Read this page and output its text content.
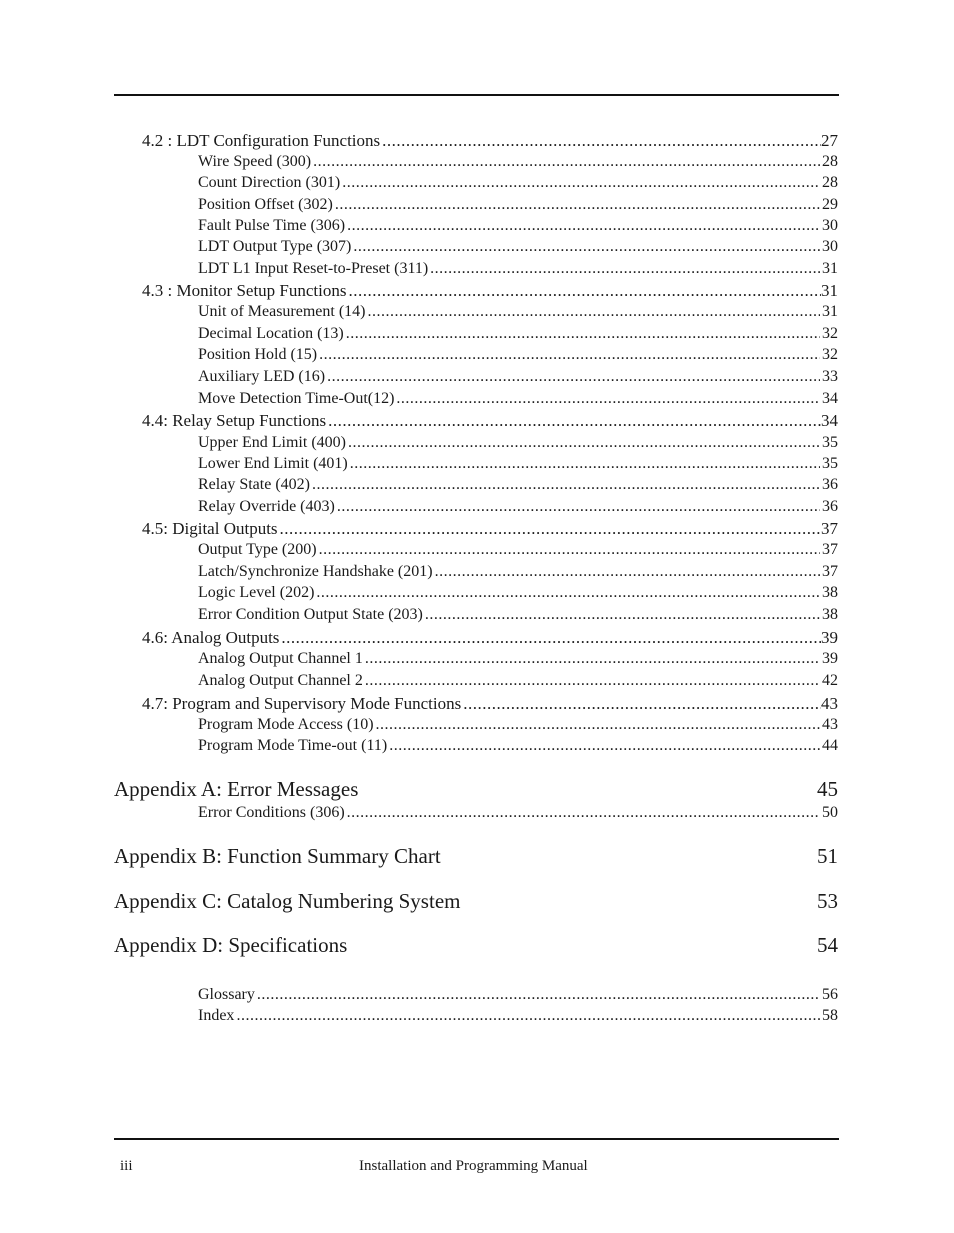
4.2 : LDT Configuration Functions .....	27
Wire Speed (300) .....	28
Count Direction (301) .....	28
Position Offset (302) .....	29
Fault Pulse Time (306) .....	30
LDT Output Type (307) .....	30
LDT L1 Input Reset-to-Preset (311) .....	31
4.3 : Monitor Setup Functions .....	31
Unit of Measurement (14) .....	31
Decimal Location (13) .....	32
Position Hold (15) .....	32
Auxiliary LED (16) .....	33
Move Detection Time-Out(12) .....	34
4.4: Relay Setup Functions .....	34
Upper End Limit (400) .....	35
Lower End Limit (401) .....	35
Relay State (402) .....	36
Relay Override (403) .....	36
4.5: Digital Outputs .....	37
Output Type (200) .....	37
Latch/Synchronize Handshake (201) .....	37
Logic Level (202) .....	38
Error Condition Output State (203) .....	38
4.6: Analog Outputs .....	39
Analog Output Channel 1 .....	39
Analog Output Channel 2 .....	42
4.7: Program and Supervisory Mode Functions .....	43
Program Mode Access (10) .....	43
Program Mode Time-out (11) .....	44
Appendix A: Error Messages	45
Error Conditions (306) .....	50
Appendix B: Function Summary Chart	51
Appendix C: Catalog Numbering System	53
Appendix D: Specifications	54
Glossary .....	56
Index .....	58
iii	Installation and Programming Manual
